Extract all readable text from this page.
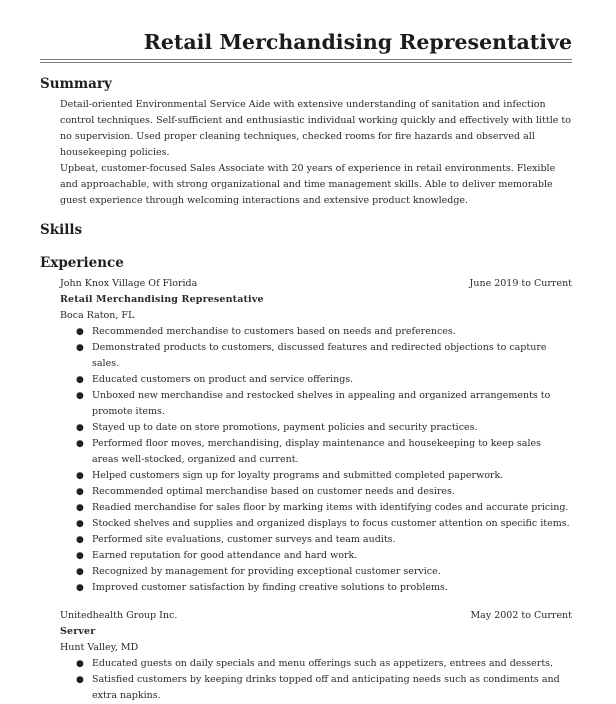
Retail Merchandising Representative
Summary

Detail-oriented Environmental Service Aide with extensive understanding of sanitation and infection control techniques. Self-sufficient and enthusiastic individual working quickly and effectively with little to no supervision. Used proper cleaning techniques, checked rooms for fire hazards and observed all housekeeping policies.

Upbeat, customer-focused Sales Associate with 20 years of experience in retail environments. Flexible and approachable, with strong organizational and time management skills. Able to deliver memorable guest experience through welcoming interactions and extensive product knowledge.

Skills
Experience
John Knox Village Of Florida	June 2019 to Current
Retail Merchandising Representative
Boca Raton, FL
● Recommended merchandise to customers based on needs and preferences.
● Demonstrated products to customers, discussed features and redirected objections to capture sales.
● Educated customers on product and service offerings.
● Unboxed new merchandise and restocked shelves in appealing and organized arrangements to promote items.
● Stayed up to date on store promotions, payment policies and security practices.
● Performed floor moves, merchandising, display maintenance and housekeeping to keep sales areas well-stocked, organized and current.
● Helped customers sign up for loyalty programs and submitted completed paperwork.
● Recommended optimal merchandise based on customer needs and desires.
● Readied merchandise for sales floor by marking items with identifying codes and accurate pricing.
● Stocked shelves and supplies and organized displays to focus customer attention on specific items.
● Performed site evaluations, customer surveys and team audits.
● Earned reputation for good attendance and hard work.
● Recognized by management for providing exceptional customer service.
● Improved customer satisfaction by finding creative solutions to problems.
Unitedhealth Group Inc.	May 2002 to Current
Server
Hunt Valley, MD
● Educated guests on daily specials and menu offerings such as appetizers, entrees and desserts.
● Satisfied customers by keeping drinks topped off and anticipating needs such as condiments and extra napkins.
